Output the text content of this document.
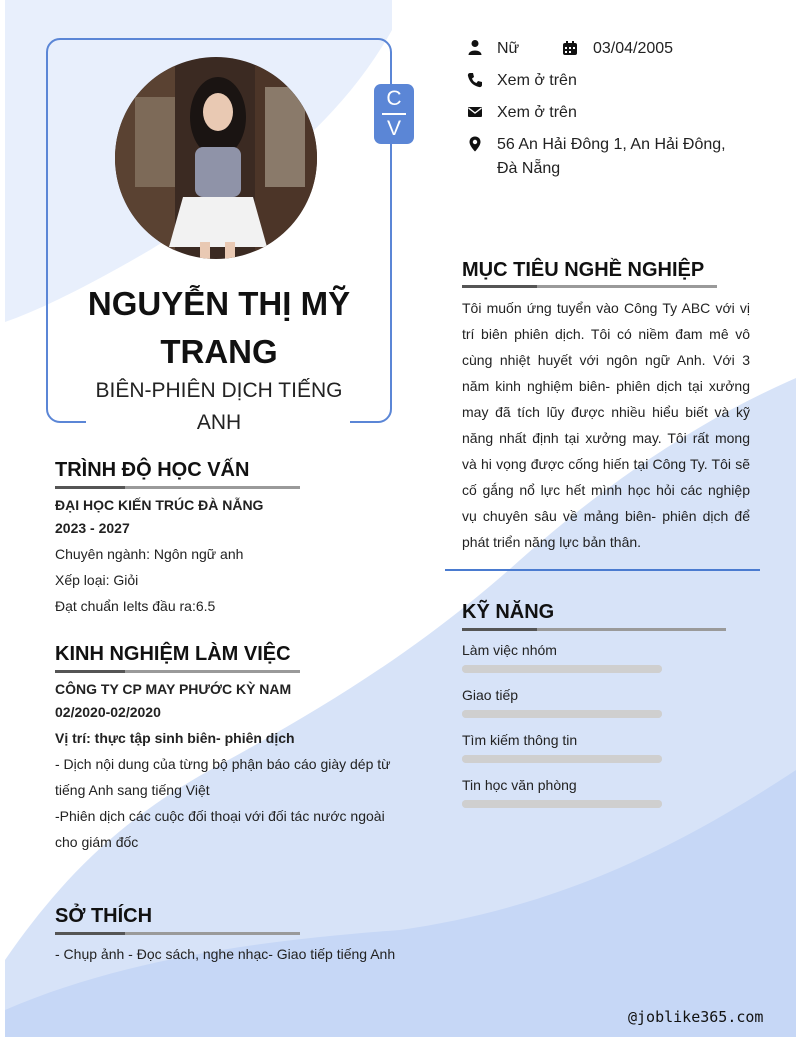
C
V
NGUYỄN THỊ MỸ
TRANG
BIÊN-PHIÊN DỊCH TIẾNG
ANH
Nữ	03/04/2005
Xem ở trên
Xem ở trên
56 An Hải Đông 1, An Hải Đông,
Đà Nẵng
TRÌNH ĐỘ HỌC VẤN
ĐẠI HỌC KIẾN TRÚC ĐÀ NẴNG
2023 - 2027
Chuyên ngành: Ngôn ngữ anh
Xếp loại: Giỏi
Đạt chuẩn Ielts đầu ra:6.5
KINH NGHIỆM LÀM VIỆC
CÔNG TY CP MAY PHƯỚC KỲ NAM
02/2020-02/2020
Vị trí: thực tập sinh biên- phiên dịch
- Dịch nội dung của từng bộ phận báo cáo giày dép từ
tiếng Anh sang tiếng Việt
-Phiên dịch các cuộc đối thoại với đối tác nước ngoài
cho giám đốc
SỞ THÍCH
- Chụp ảnh - Đọc sách, nghe nhạc- Giao tiếp tiếng Anh
MỤC TIÊU NGHỀ NGHIỆP
Tôi muốn ứng tuyển vào Công Ty ABC với vị trí biên phiên dịch. Tôi có niềm đam mê vô cùng nhiệt huyết với ngôn ngữ Anh. Với 3 năm kinh nghiệm biên- phiên dịch tại xưởng may đã tích lũy được nhiều hiểu biết và kỹ năng nhất định tại xưởng may. Tôi rất mong và hi vọng được cống hiến tại Công Ty. Tôi sẽ cố gắng nổ lực hết mình học hỏi các nghiệp vụ chuyên sâu về mảng biên- phiên dịch để phát triển năng lực bản thân.
KỸ NĂNG
Làm việc nhóm
Giao tiếp
Tìm kiếm thông tin
Tin học văn phòng
@joblike365.com
